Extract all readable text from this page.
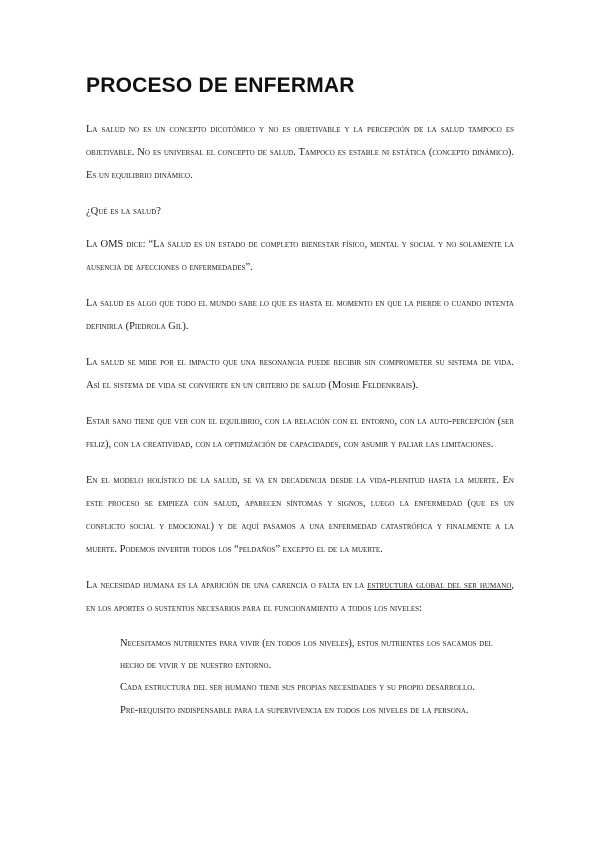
PROCESO DE ENFERMAR

La salud no es un concepto dicotómico y no es objetivable y la percepción de la salud tampoco es objetivable. No es universal el concepto de salud. Tampoco es estable ni estática (concepto dinámico). Es un equilibrio dinámico.

¿Qué es la salud?

La OMS dice: “La salud es un estado de completo bienestar físico, mental y social y no solamente la ausencia de afecciones o enfermedades”.

La salud es algo que todo el mundo sabe lo que es hasta el momento en que la pierde o cuando intenta definirla (Piedrola Gil).

La salud se mide por el impacto que una resonancia puede recibir sin comprometer su sistema de vida. Así el sistema de vida se convierte en un criterio de salud (Moshe Feldenkrais).

Estar sano tiene que ver con el equilibrio, con la relación con el entorno, con la auto-percepción (ser feliz), con la creatividad, con la optimización de capacidades, con asumir y paliar las limitaciones.

En el modelo holístico de la salud, se va en decadencia desde la vida-plenitud hasta la muerte. En este proceso se empieza con salud, aparecen síntomas y signos, luego la enfermedad (que es un conflicto social y emocional) y de aquí pasamos a una enfermedad catastrófica y finalmente a la muerte. Podemos invertir todos los “peldaños” excepto el de la muerte.

La necesidad humana es la aparición de una carencia o falta en la estructura global del ser humano, en los aportes o sustentos necesarios para el funcionamiento a todos los niveles:

Necesitamos nutrientes para vivir (en todos los niveles), estos nutrientes los sacamos del hecho de vivir y de nuestro entorno.

Cada estructura del ser humano tiene sus propias necesidades y su propio desarrollo.

Pre-requisito indispensable para la supervivencia en todos los niveles de la persona.
